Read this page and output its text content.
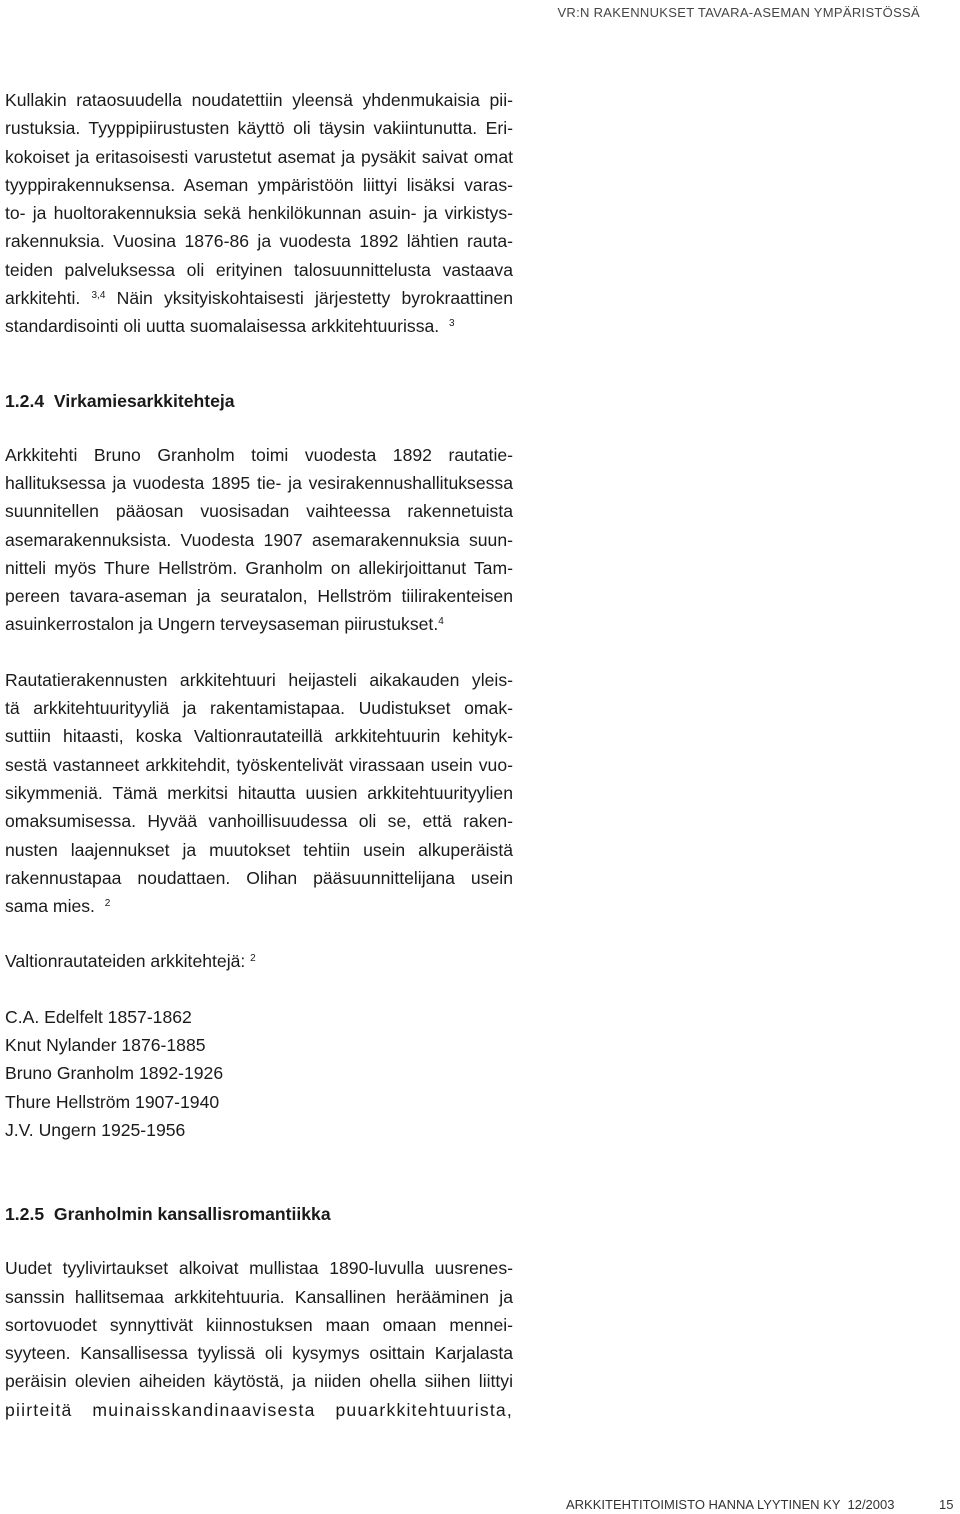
VR:N RAKENNUKSET TAVARA-ASEMAN YMPÄRISTÖSSÄ
Kullakin rataosuudella noudatettiin yleensä yhdenmukaisia pii-
rustuksia. Tyyppipiirustusten käyttö oli täysin vakiintunutta. Eri-
kokoiset ja eritasoisesti varustetut asemat ja pysäkit saivat omat
tyyppirakennuksensa. Aseman ympäristöön liittyi lisäksi varas-
to- ja huoltorakennuksia sekä henkilökunnan asuin- ja virkistys-
rakennuksia. Vuosina 1876-86 ja vuodesta 1892 lähtien rauta-
teiden palveluksessa oli erityinen talosuunnittelusta vastaava
arkkitehti. $^{3,4}$ Näin yksityiskohtaisesti järjestetty byrokraattinen
standardisointi oli uutta suomalaisessa arkkitehtuurissa. $^3$
1.2.4 Virkamiesarkkitehteja
Arkkitehti Bruno Granholm toimi vuodesta 1892 rautatie-
hallituksessa ja vuodesta 1895 tie- ja vesirakennushallituksessa
suunnitellen pääosan vuosisadan vaihteessa rakennetuista
asemarakennuksista. Vuodesta 1907 asemarakennuksia suun-
nitteli myös Thure Hellström. Granholm on allekirjoittanut Tam-
pereen tavara-aseman ja seuratalon, Hellström tiilirakenteisen
asuinkerrostalon ja Ungern terveysaseman piirustukset.$^4$
Rautatierakennusten arkkitehtuuri heijasteli aikakauden yleis-
tä arkkitehtuurityyliä ja rakentamistapaa. Uudistukset omak-
suttiin hitaasti, koska Valtionrautateillä arkkitehtuurin kehityk-
sestä vastanneet arkkitehdit, työskentelivät virassaan usein vuo-
sikymmeniä. Tämä merkitsi hitautta uusien arkkitehtuurityylien
omaksumisessa. Hyvää vanhoillisuudessa oli se, että raken-
nusten laajennukset ja muutokset tehtiin usein alkuperäistä
rakennustapaa noudattaen. Olihan pääsuunnittelijana usein
sama mies. $^2$
Valtionrautateiden arkkitehtejä: $^2$
C.A. Edelfelt 1857-1862
Knut Nylander 1876-1885
Bruno Granholm 1892-1926
Thure Hellström 1907-1940
J.V. Ungern 1925-1956
1.2.5 Granholmin kansallisromantiikka
Uudet tyylivirtaukset alkoivat mullistaa 1890-luvulla uusrenes-
sanssin hallitsemaa arkkitehtuuria. Kansallinen herääminen ja
sortovuodet synnyttivät kiinnostuksen maan omaan mennei-
syyteen. Kansallisessa tyylissä oli kysymys osittain Karjalasta
peräisin olevien aiheiden käytöstä, ja niiden ohella siihen liittyi
piirteitä muinaisskandinaavisesta puuarkkitehtuurista,
ARKKITEHTITOIMISTO HANNA LYYTINEN KY  12/2003	15
